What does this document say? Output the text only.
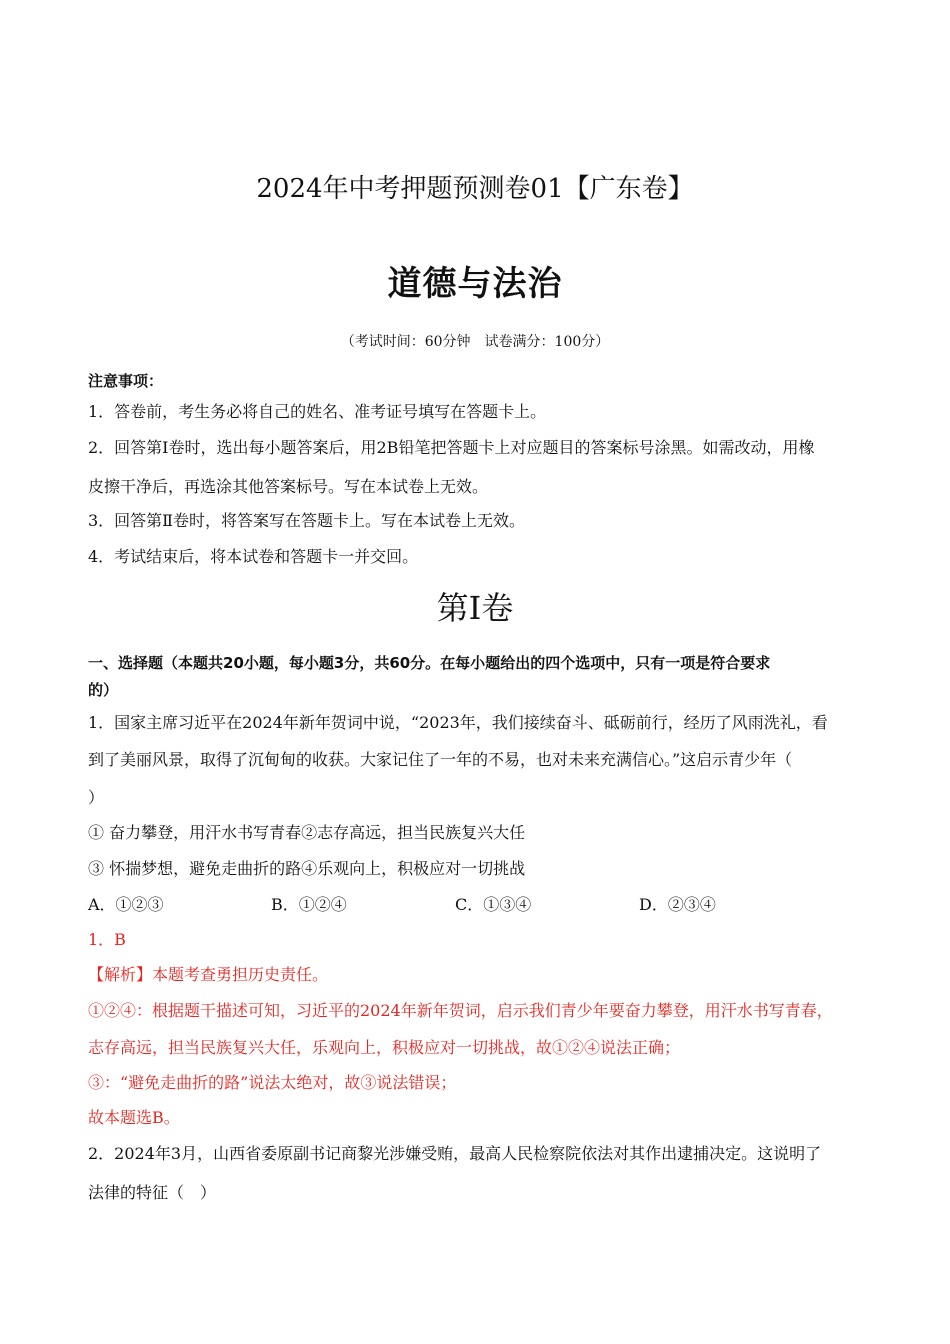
2024年中考押题预测卷01【广东卷】
道德与法治
（考试时间：60分钟　试卷满分：100分）
注意事项：
1．答卷前，考生务必将自己的姓名、准考证号填写在答题卡上。
2．回答第Ⅰ卷时，选出每小题答案后，用2B铅笔把答题卡上对应题目的答案标号涂黑。如需改动，用橡
皮擦干净后，再选涂其他答案标号。写在本试卷上无效。
3．回答第Ⅱ卷时，将答案写在答题卡上。写在本试卷上无效。
4．考试结束后，将本试卷和答题卡一并交回。
第Ⅰ卷
一、选择题（本题共20小题，每小题3分，共60分。在每小题给出的四个选项中，只有一项是符合要求
的）
1．国家主席习近平在2024年新年贺词中说，“2023年，我们接续奋斗、砥砺前行，经历了风雨洗礼，看
到了美丽风景，取得了沉甸甸的收获。大家记住了一年的不易，也对未来充满信心。”这启示青少年（
）
① 奋力攀登，用汗水书写青春②志存高远，担当民族复兴大任
③ 怀揣梦想，避免走曲折的路④乐观向上，积极应对一切挑战
A．①②③	B．①②④	C．①③④	D．②③④
1．B
【解析】本题考查勇担历史责任。
①②④：根据题干描述可知，习近平的2024年新年贺词，启示我们青少年要奋力攀登，用汗水书写青春，
志存高远，担当民族复兴大任，乐观向上，积极应对一切挑战，故①②④说法正确；
③：“避免走曲折的路”说法太绝对，故③说法错误；
故本题选B。
2．2024年3月，山西省委原副书记商黎光涉嫌受贿，最高人民检察院依法对其作出逮捕决定。这说明了
法律的特征（　）
